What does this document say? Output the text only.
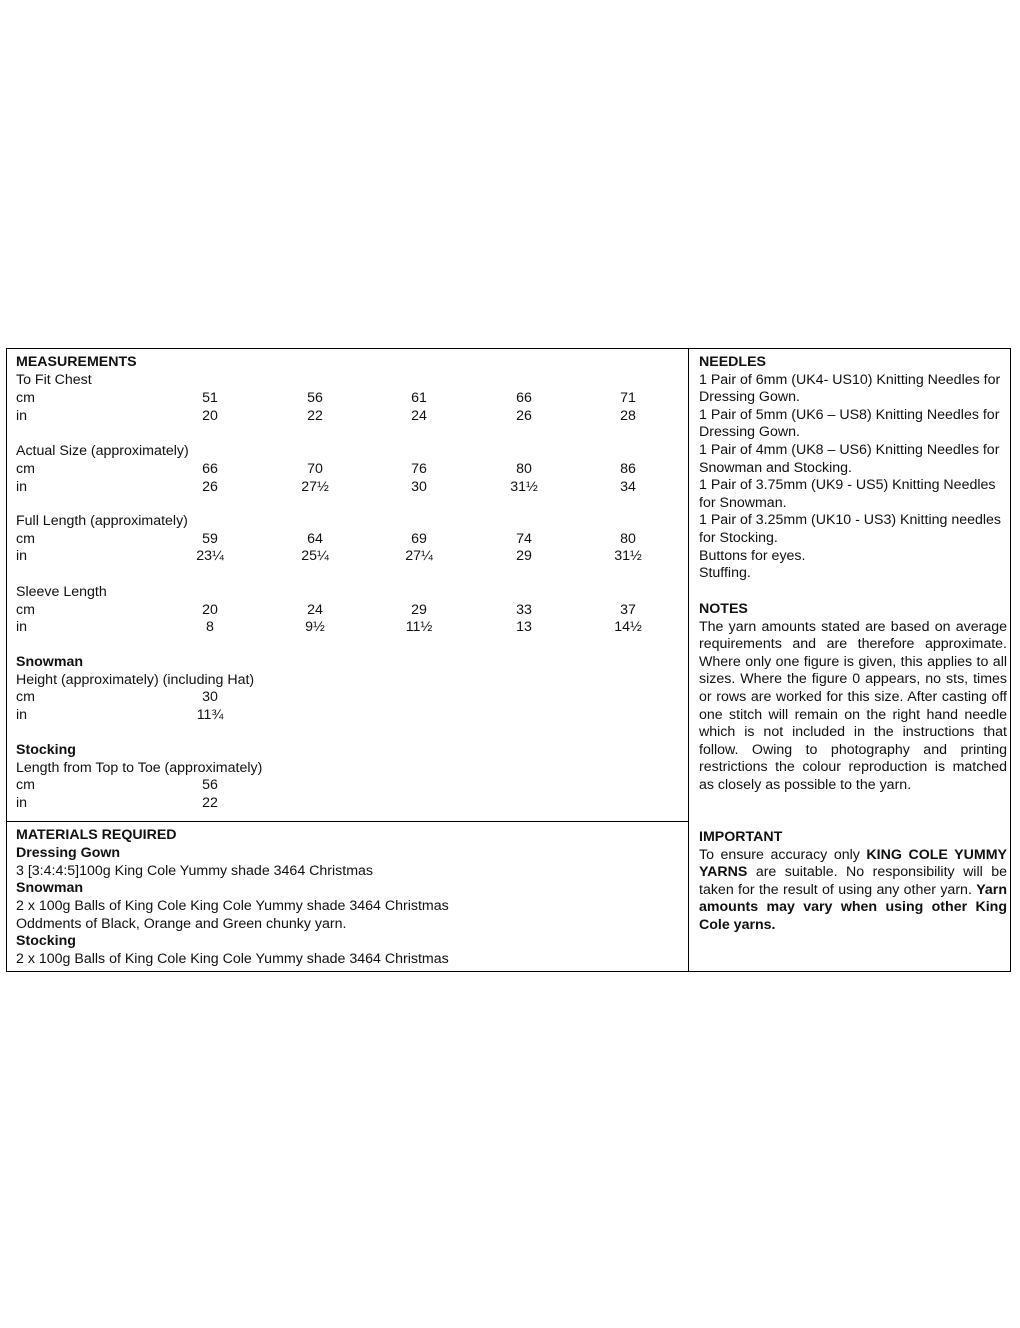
MEASUREMENTS
To Fit Chest
cm	51	56	61	66	71
in	20	22	24	26	28
Actual Size (approximately)
cm	66	70	76	80	86
in	26	27½	30	31½	34
Full Length (approximately)
cm	59	64	69	74	80
in	23¼	25¼	27¼	29	31½
Sleeve Length
cm	20	24	29	33	37
in	8	9½	11½	13	14½
Snowman
Height (approximately) (including Hat)
cm	30
in	11¾
Stocking
Length from Top to Toe (approximately)
cm	56
in	22
MATERIALS REQUIRED
Dressing Gown
3 [3:4:4:5]100g King Cole Yummy shade 3464 Christmas
Snowman
2 x 100g Balls of King Cole King Cole Yummy shade 3464 Christmas
Oddments of Black, Orange and Green chunky yarn.
Stocking
2 x 100g Balls of King Cole King Cole Yummy shade 3464 Christmas
NEEDLES
1 Pair of 6mm (UK4- US10) Knitting Needles for Dressing Gown.
1 Pair of 5mm (UK6 – US8) Knitting Needles for Dressing Gown.
1 Pair of 4mm (UK8 – US6) Knitting Needles for Snowman and Stocking.
1 Pair of 3.75mm (UK9 - US5) Knitting Needles for Snowman.
1 Pair of 3.25mm (UK10 - US3) Knitting needles for Stocking.
Buttons for eyes.
Stuffing.
NOTES
The yarn amounts stated are based on average requirements and are therefore approximate. Where only one figure is given, this applies to all sizes. Where the figure 0 appears, no sts, times or rows are worked for this size. After casting off one stitch will remain on the right hand needle which is not included in the instructions that follow. Owing to photography and printing restrictions the colour reproduction is matched as closely as possible to the yarn.
IMPORTANT
To ensure accuracy only KING COLE YUMMY YARNS are suitable. No responsibility will be taken for the result of using any other yarn. Yarn amounts may vary when using other King Cole yarns.
